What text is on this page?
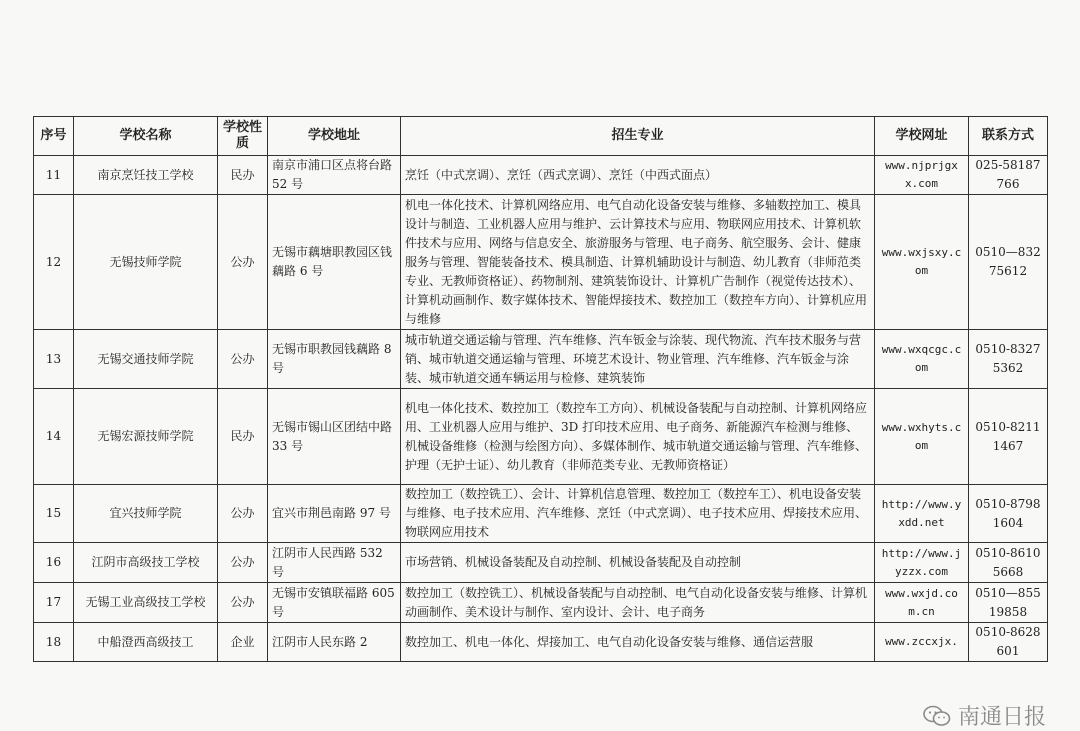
序号	学校名称	学校性质	学校地址	招生专业	学校网址	联系方式
11	南京烹饪技工学校	民办	南京市浦口区点将台路 52 号	烹饪（中式烹调）、烹饪（西式烹调）、烹饪（中西式面点）	www.njprjgxx.com	025-58187766
12	无锡技师学院	公办	无锡市藕塘职教园区钱藕路 6 号	机电一体化技术、计算机网络应用、电气自动化设备安装与维修、多轴数控加工、模具设计与制造、工业机器人应用与维护、云计算技术与应用、物联网应用技术、计算机软件技术与应用、网络与信息安全、旅游服务与管理、电子商务、航空服务、会计、健康服务与管理、智能装备技术、模具制造、计算机辅助设计与制造、幼儿教育（非师范类专业、无教师资格证）、药物制剂、建筑装饰设计、计算机广告制作（视觉传达技术）、计算机动画制作、数字媒体技术、智能焊接技术、数控加工（数控车方向）、计算机应用与维修	www.wxjsxy.com	0510—83275612
13	无锡交通技师学院	公办	无锡市职教园钱藕路 8 号	城市轨道交通运输与管理、汽车维修、汽车钣金与涂装、现代物流、汽车技术服务与营销、城市轨道交通运输与管理、环境艺术设计、物业管理、汽车维修、汽车钣金与涂装、城市轨道交通车辆运用与检修、建筑装饰	www.wxqcgc.com	0510-83275362
14	无锡宏源技师学院	民办	无锡市锡山区团结中路 33 号	机电一体化技术、数控加工（数控车工方向）、机械设备装配与自动控制、计算机网络应用、工业机器人应用与维护、3D 打印技术应用、电子商务、新能源汽车检测与维修、机械设备维修（检测与绘图方向）、多媒体制作、城市轨道交通运输与管理、汽车维修、护理（无护士证）、幼儿教育（非师范类专业、无教师资格证）	www.wxhyts.com	0510-82111467
15	宜兴技师学院	公办	宜兴市荆邑南路 97 号	数控加工（数控铣工）、会计、计算机信息管理、数控加工（数控车工）、机电设备安装与维修、电子技术应用、汽车维修、烹饪（中式烹调）、电子技术应用、焊接技术应用、物联网应用技术	http://www.yxdd.net	0510-87981604
16	江阴市高级技工学校	公办	江阴市人民西路 532 号	市场营销、机械设备装配及自动控制、机械设备装配及自动控制	http://www.jyzzx.com	0510-86105668
17	无锡工业高级技工学校	公办	无锡市安镇联福路 605 号	数控加工（数控铣工）、机械设备装配与自动控制、电气自动化设备安装与维修、计算机动画制作、美术设计与制作、室内设计、会计、电子商务	www.wxjd.com.cn	0510—85519858
18	中船澄西高级技工	企业	江阴市人民东路 2	数控加工、机电一体化、焊接加工、电气自动化设备安装与维修、通信运营服	www.zccxjx.	0510-8628601
南通日报
